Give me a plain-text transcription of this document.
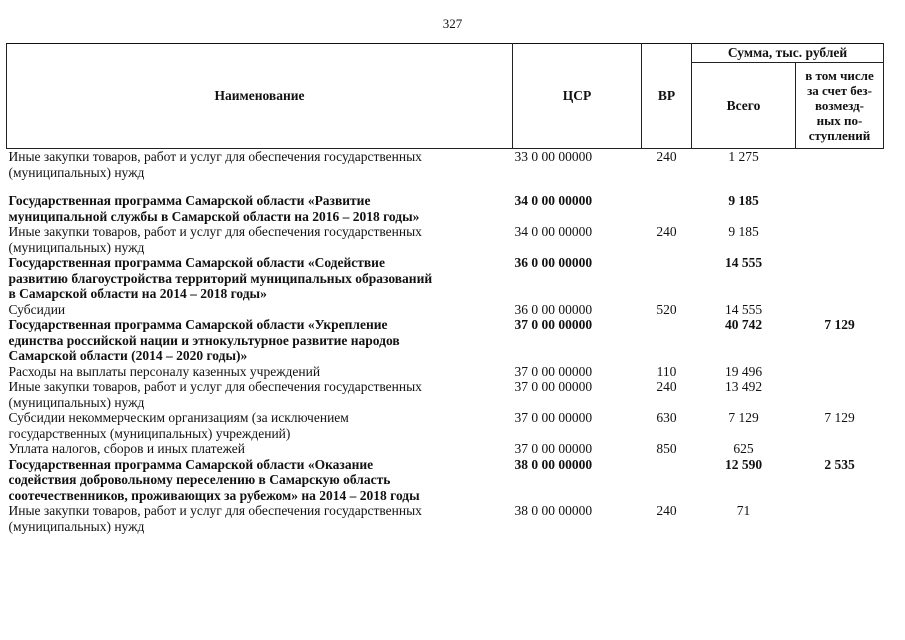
327
Наименование	ЦСР	ВР	Сумма, тыс. рублей	
			Всего	в том числе
за счет без-
возмезд-
ных по-
ступлений

Иные закупки товаров, работ и услуг для обеспечения государственных
(муниципальных) нужд	33 0 00 00000	240	1 275	

Государственная программа Самарской области «Развитие
муниципальной службы в Самарской области на 2016 – 2018 годы»	34 0 00 00000		9 185	

Иные закупки товаров, работ и услуг для обеспечения государственных
(муниципальных) нужд	34 0 00 00000	240	9 185	

Государственная программа Самарской области «Содействие
развитию благоустройства территорий муниципальных образований
в Самарской области на 2014 – 2018 годы»	36 0 00 00000		14 555	

Субсидии	36 0 00 00000	520	14 555	

Государственная программа Самарской области «Укрепление
единства российской нации и этнокультурное развитие народов
Самарской области (2014 – 2020 годы)»	37 0 00 00000		40 742	7 129

Расходы на выплаты персоналу казенных учреждений	37 0 00 00000	110	19 496	

Иные закупки товаров, работ и услуг для обеспечения государственных
(муниципальных) нужд	37 0 00 00000	240	13 492	

Субсидии некоммерческим организациям (за исключением
государственных (муниципальных) учреждений)	37 0 00 00000	630	7 129	7 129

Уплата налогов, сборов и иных платежей	37 0 00 00000	850	625	

Государственная программа Самарской области «Оказание
содействия добровольному переселению в Самарскую область
соотечественников, проживающих за рубежом» на 2014 – 2018 годы	38 0 00 00000		12 590	2 535

Иные закупки товаров, работ и услуг для обеспечения государственных
(муниципальных) нужд	38 0 00 00000	240	71	
